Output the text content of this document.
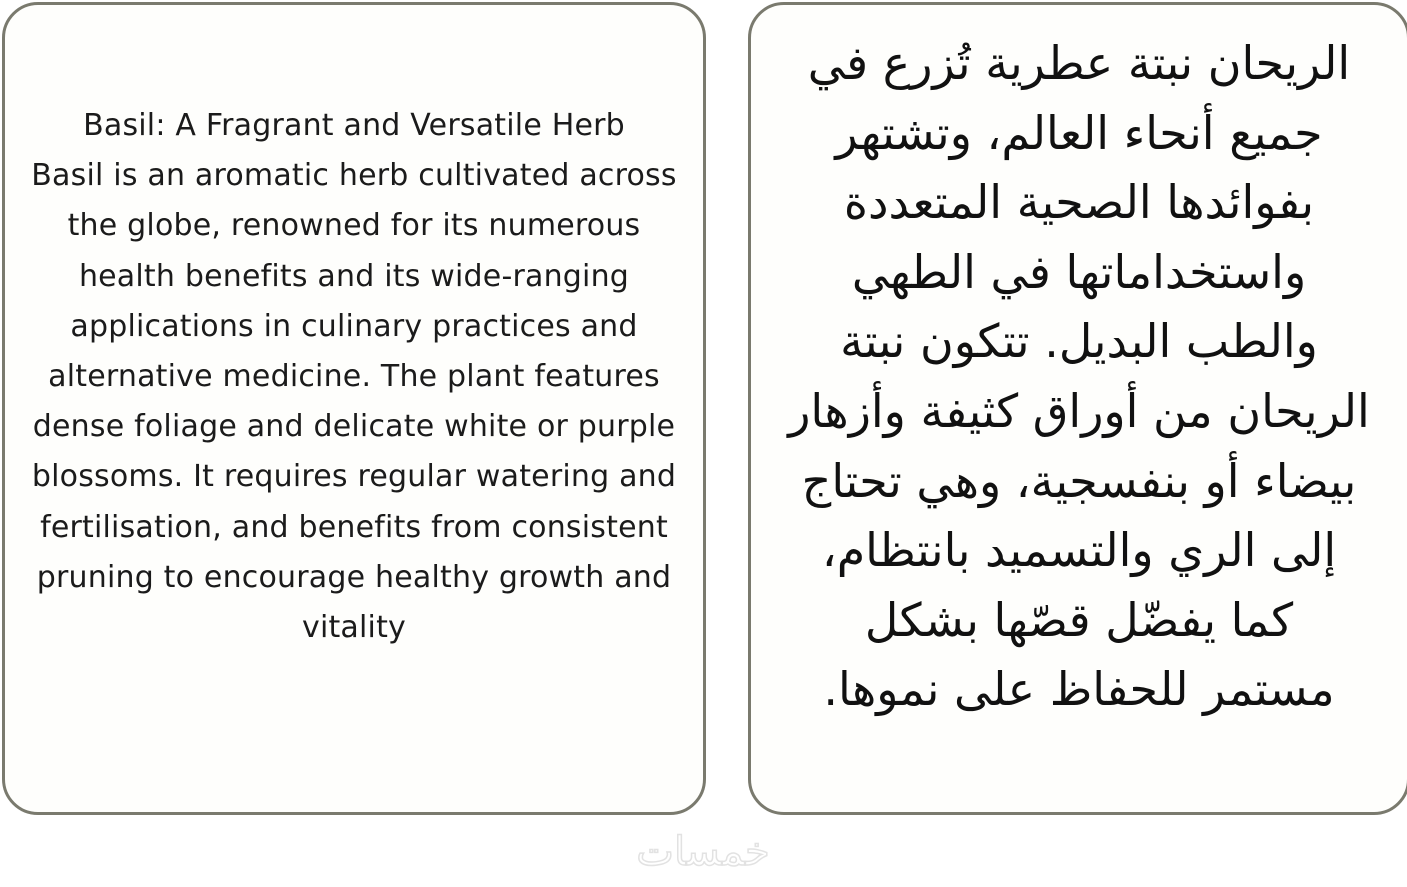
Basil: A Fragrant and Versatile Herb
Basil is an aromatic herb cultivated across
the globe, renowned for its numerous
health benefits and its wide-ranging
applications in culinary practices and
alternative medicine. The plant features
dense foliage and delicate white or purple
blossoms. It requires regular watering and
fertilisation, and benefits from consistent
pruning to encourage healthy growth and
vitality
الريحان نبتة عطرية تُزرع في
جميع أنحاء العالم، وتشتهر
بفوائدها الصحية المتعددة
واستخداماتها في الطهي
والطب البديل. تتكون نبتة
الريحان من أوراق كثيفة وأزهار
بيضاء أو بنفسجية، وهي تحتاج
إلى الري والتسميد بانتظام،
كما يفضّل قصّها بشكل
مستمر للحفاظ على نموها.
خمسات
